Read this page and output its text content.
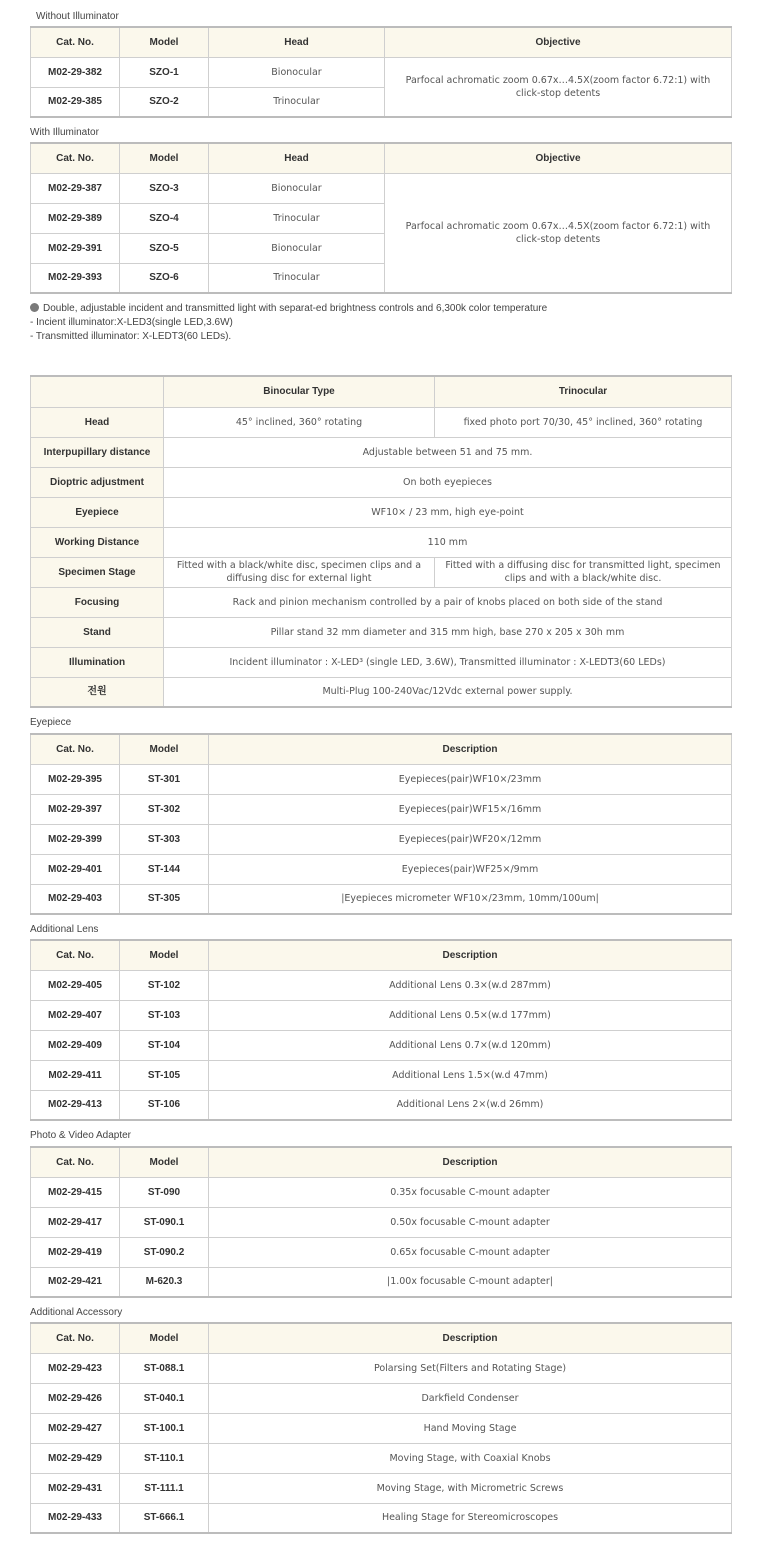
Without Illuminator
Cat. No.	Model	Head	Objective
M02-29-382	SZO-1	Bionocular	Parfocal achromatic zoom 0.67x…4.5X(zoom factor 6.72:1) with click-stop detents
M02-29-385	SZO-2	Trinocular	
With Illuminator
Cat. No.	Model	Head	Objective
M02-29-387	SZO-3	Bionocular	Parfocal achromatic zoom 0.67x…4.5X(zoom factor 6.72:1) with click-stop detents
M02-29-389	SZO-4	Trinocular	
M02-29-391	SZO-5	Bionocular	
M02-29-393	SZO-6	Trinocular	
Double, adjustable incident and transmitted light with separat-ed brightness controls and 6,300k color temperature
- Incient illuminator:X-LED3(single LED,3.6W)
- Transmitted illuminator: X-LEDT3(60 LEDs).
	Binocular Type	Trinocular
Head	45° inclined, 360° rotating	fixed photo port 70/30, 45° inclined, 360° rotating
Interpupillary distance	Adjustable between 51 and 75 mm.	
Dioptric adjustment	On both eyepieces	
Eyepiece	WF10× / 23 mm, high eye-point	
Working Distance	110 mm	
Specimen Stage	Fitted with a black/white disc, specimen clips and a diffusing disc for external light	Fitted with a diffusing disc for transmitted light, specimen clips and with a black/white disc.
Focusing	Rack and pinion mechanism controlled by a pair of knobs placed on both side of the stand	
Stand	Pillar stand 32 mm diameter and 315 mm high, base 270 x 205 x 30h mm	
Illumination	Incident illuminator : X-LED³ (single LED, 3.6W), Transmitted illuminator : X-LEDT3(60 LEDs)	
전원	Multi-Plug 100-240Vac/12Vdc external power supply.	
Eyepiece
Cat. No.	Model	Description
M02-29-395	ST-301	Eyepieces(pair)WF10×/23mm
M02-29-397	ST-302	Eyepieces(pair)WF15×/16mm
M02-29-399	ST-303	Eyepieces(pair)WF20×/12mm
M02-29-401	ST-144	Eyepieces(pair)WF25×/9mm
M02-29-403	ST-305	|Eyepieces micrometer WF10×/23mm, 10mm/100um|
Additional Lens
Cat. No.	Model	Description
M02-29-405	ST-102	Additional Lens 0.3×(w.d 287mm)
M02-29-407	ST-103	Additional Lens 0.5×(w.d 177mm)
M02-29-409	ST-104	Additional Lens 0.7×(w.d 120mm)
M02-29-411	ST-105	Additional Lens 1.5×(w.d 47mm)
M02-29-413	ST-106	Additional Lens 2×(w.d 26mm)
Photo & Video Adapter
Cat. No.	Model	Description
M02-29-415	ST-090	0.35x focusable C-mount adapter
M02-29-417	ST-090.1	0.50x focusable C-mount adapter
M02-29-419	ST-090.2	0.65x focusable C-mount adapter
M02-29-421	M-620.3	|1.00x focusable C-mount adapter|
Additional Accessory
Cat. No.	Model	Description
M02-29-423	ST-088.1	Polarsing Set(Filters and Rotating Stage)
M02-29-426	ST-040.1	Darkfield Condenser
M02-29-427	ST-100.1	Hand Moving Stage
M02-29-429	ST-110.1	Moving Stage, with Coaxial Knobs
M02-29-431	ST-111.1	Moving Stage, with Micrometric Screws
M02-29-433	ST-666.1	Healing Stage for Stereomicroscopes
